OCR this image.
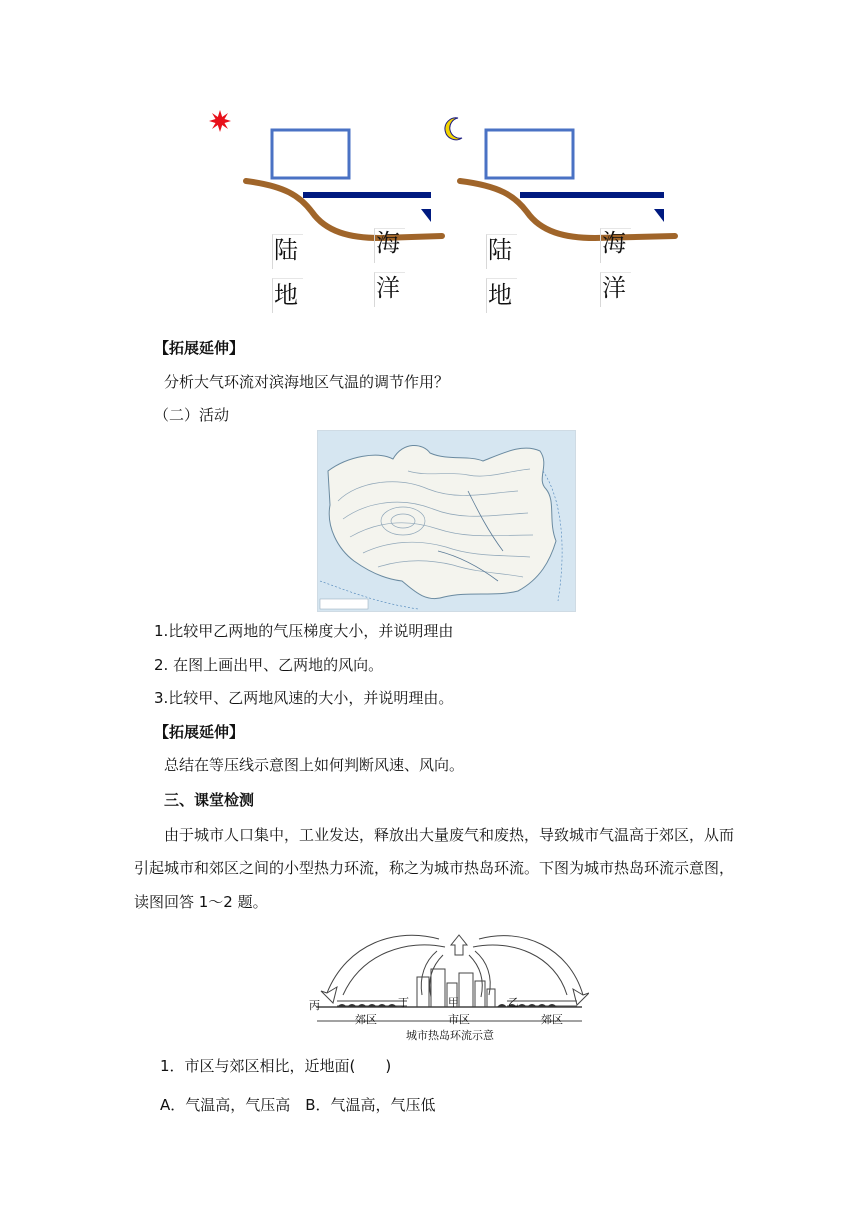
陆
地
海
洋
陆
地
海
洋
【拓展延伸】
分析大气环流对滨海地区气温的调节作用？
（二）活动
1.比较甲乙两地的气压梯度大小，并说明理由
2. 在图上画出甲、乙两地的风向。
3.比较甲、乙两地风速的大小，并说明理由。
【拓展延伸】
总结在等压线示意图上如何判断风速、风向。
三、课堂检测
由于城市人口集中，工业发达，释放出大量废气和废热，导致城市气温高于郊区，从而
引起城市和郊区之间的小型热力环流，称之为城市热岛环流。下图为城市热岛环流示意图，
读图回答 1～2 题。
丙	丁	甲	乙
郊区	市区	郊区
城市热岛环流示意
1．市区与郊区相比，近地面(　　)
A．气温高，气压高　B．气温高，气压低
